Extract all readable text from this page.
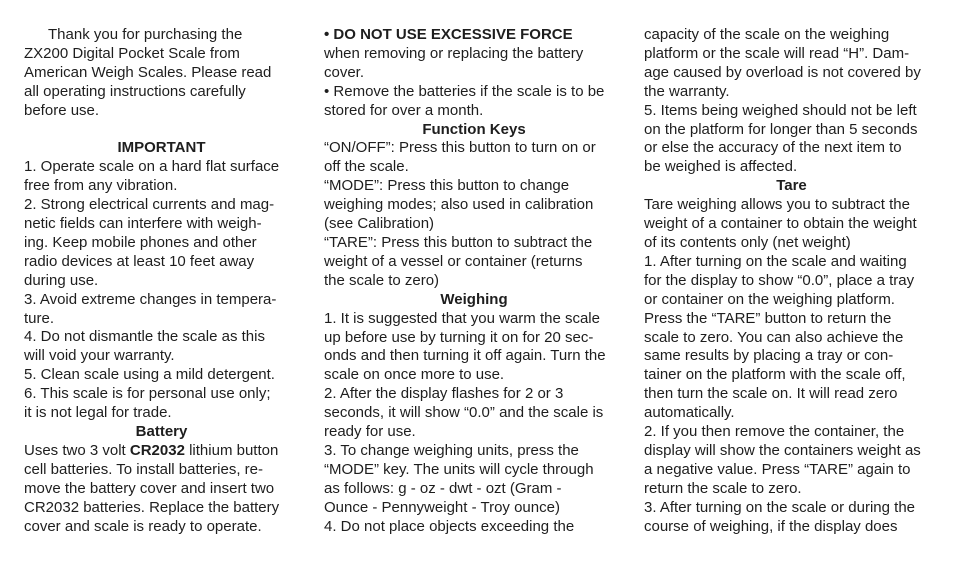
Thank you for purchasing the
ZX200 Digital Pocket Scale from
American Weigh Scales. Please read
all operating instructions carefully
before use.
IMPORTANT
1. Operate scale on a hard flat surface
free from any vibration.
2. Strong electrical currents and mag-
netic fields can interfere with weigh-
ing. Keep mobile phones and other
radio devices at least 10 feet away
during use.
3. Avoid extreme changes in tempera-
ture.
4. Do not dismantle the scale as this
will void your warranty.
5. Clean scale using a mild detergent.
6. This scale is for personal use only;
it is not legal for trade.
Battery
Uses two 3 volt CR2032 lithium button
cell batteries. To install batteries, re-
move the battery cover and insert two
CR2032 batteries. Replace the battery
cover and scale is ready to operate.
• DO NOT USE EXCESSIVE FORCE
when removing or replacing the battery
cover.
• Remove the batteries if the scale is to be
stored for over a month.
Function Keys
“ON/OFF”: Press this button to turn on or
off the scale.
“MODE”: Press this button to change
weighing modes; also used in calibration
(see Calibration)
“TARE”: Press this button to subtract the
weight of a vessel or container (returns
the scale to zero)
Weighing
1. It is suggested that you warm the scale
up before use by turning it on for 20 sec-
onds and then turning it off again. Turn the
scale on once more to use.
2. After the display flashes for 2 or 3
seconds, it will show “0.0” and the scale is
ready for use.
3. To change weighing units, press the
“MODE” key. The units will cycle through
as follows: g - oz - dwt - ozt (Gram -
Ounce - Pennyweight - Troy ounce)
4. Do not place objects exceeding the
capacity of the scale on the weighing
platform or the scale will read “H”. Dam-
age caused by overload is not covered by
the warranty.
5. Items being weighed should not be left
on the platform for longer than 5 seconds
or else the accuracy of the next item to
be weighed is affected.
Tare
Tare weighing allows you to subtract the
weight of a container to obtain the weight
of its contents only (net weight)
1. After turning on the scale and waiting
for the display to show “0.0”, place a tray
or container on the weighing platform.
Press the “TARE” button to return the
scale to zero. You can also achieve the
same results by placing a tray or con-
tainer on the platform with the scale off,
then turn the scale on. It will read zero
automatically.
2. If you then remove the container, the
display will show the containers weight as
a negative value. Press “TARE” again to
return the scale to zero.
3. After turning on the scale or during the
course of weighing, if the display does
